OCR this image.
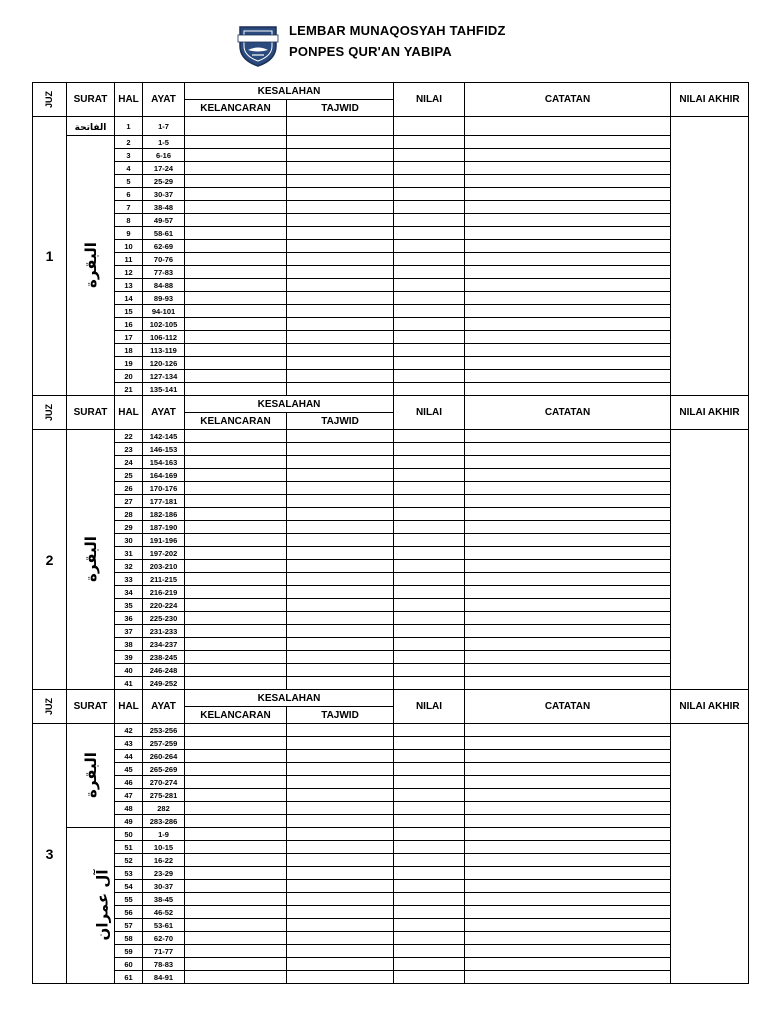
LEMBAR MUNAQOSYAH TAHFIDZ
PONPES QUR'AN YABIPA
JUZ	SURAT	HAL	AYAT	KESALAHAN		NILAI	CATATAN	NILAI AKHIR
				KELANCARAN	TAJWID			
1	الفاتحة	1	1-7					
	البقرة	2	1-5					
		3	6-16					
		4	17-24					
		5	25-29					
		6	30-37					
		7	38-48					
		8	49-57					
		9	58-61					
		10	62-69					
		11	70-76					
		12	77-83					
		13	84-88					
		14	89-93					
		15	94-101					
		16	102-105					
		17	106-112					
		18	113-119					
		19	120-126					
		20	127-134					
		21	135-141					
JUZ	SURAT	HAL	AYAT	KESALAHAN		NILAI	CATATAN	NILAI AKHIR
				KELANCARAN	TAJWID			
2	البقرة	22	142-145					
		23	146-153					
		24	154-163					
		25	164-169					
		26	170-176					
		27	177-181					
		28	182-186					
		29	187-190					
		30	191-196					
		31	197-202					
		32	203-210					
		33	211-215					
		34	216-219					
		35	220-224					
		36	225-230					
		37	231-233					
		38	234-237					
		39	238-245					
		40	246-248					
		41	249-252					
JUZ	SURAT	HAL	AYAT	KESALAHAN		NILAI	CATATAN	NILAI AKHIR
				KELANCARAN	TAJWID			
3	البقرة	42	253-256					
		43	257-259					
		44	260-264					
		45	265-269					
		46	270-274					
		47	275-281					
		48	282					
		49	283-286					
	آل عمران	50	1-9					
		51	10-15					
		52	16-22					
		53	23-29					
		54	30-37					
		55	38-45					
		56	46-52					
		57	53-61					
		58	62-70					
		59	71-77					
		60	78-83					
		61	84-91					
